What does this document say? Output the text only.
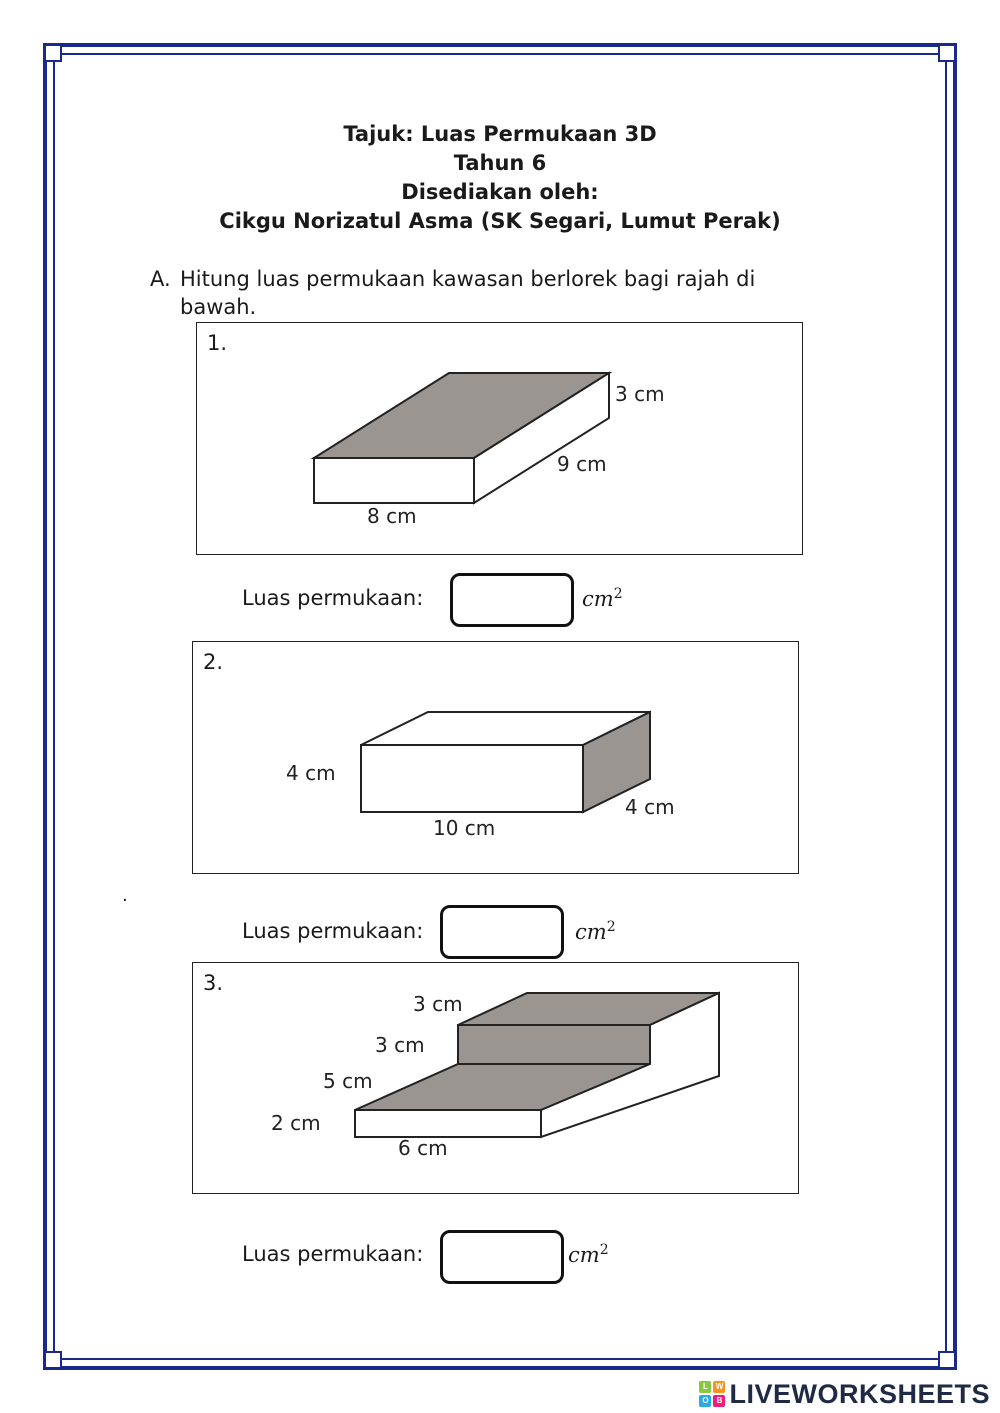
Tajuk: Luas Permukaan 3D
Tahun 6
Disediakan oleh:
Cikgu Norizatul Asma (SK Segari, Lumut Perak)
A. Hitung luas permukaan kawasan berlorek bagi rajah di
bawah.
1.
3 cm
9 cm
8 cm
Luas permukaan:	$cm^2$
2.
4 cm
10 cm
4 cm
·
Luas permukaan:	$cm^2$
3.
3 cm
3 cm
5 cm
2 cm
6 cm
Luas permukaan:	$cm^2$
L W
O	B LIVEWORKSHEETS
